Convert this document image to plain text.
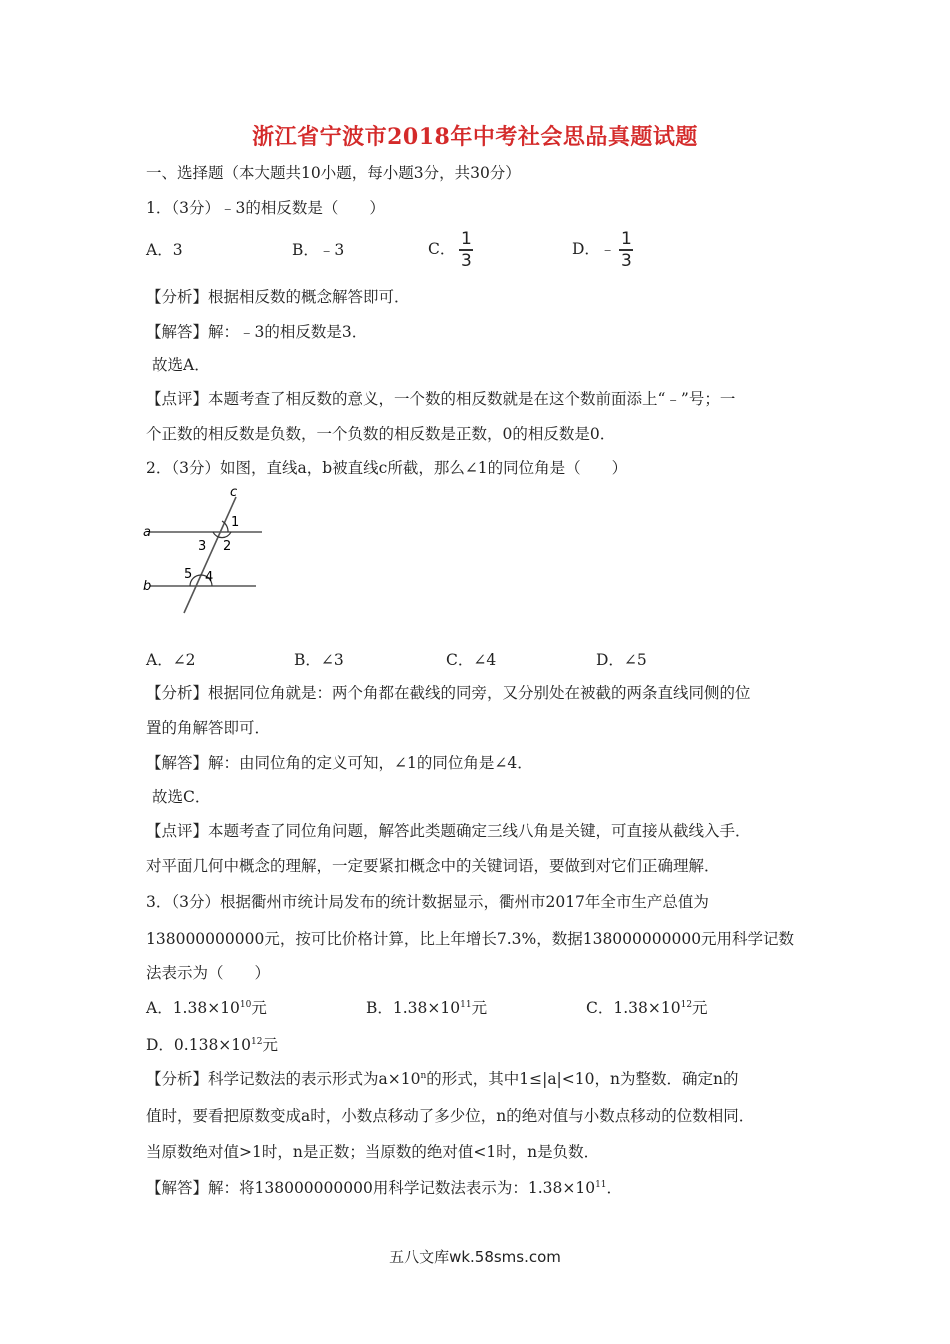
浙江省宁波市2018年中考社会思品真题试题
一、选择题（本大题共10小题，每小题3分，共30分）
1．（3分）﹣3的相反数是（　　）
A．3	B．﹣3	C． $\frac{1}{3}$	D．﹣ $\frac{1}{3}$
【分析】根据相反数的概念解答即可．
【解答】解：﹣3的相反数是3．
故选A．
【点评】本题考查了相反数的意义，一个数的相反数就是在这个数前面添上“﹣”号；一
个正数的相反数是负数，一个负数的相反数是正数，0的相反数是0．
2．（3分）如图，直线a，b被直线c所截，那么∠1的同位角是（　　）
c
a
b
1
2
3
4
5
A．∠2	B．∠3	C．∠4	D．∠5
【分析】根据同位角就是：两个角都在截线的同旁，又分别处在被截的两条直线同侧的位
置的角解答即可．
【解答】解：由同位角的定义可知，∠1的同位角是∠4．
故选C．
【点评】本题考查了同位角问题，解答此类题确定三线八角是关键，可直接从截线入手．
对平面几何中概念的理解，一定要紧扣概念中的关键词语，要做到对它们正确理解．
3．（3分）根据衢州市统计局发布的统计数据显示，衢州市2017年全市生产总值为
138000000000元，按可比价格计算，比上年增长7.3%，数据138000000000元用科学记数
法表示为（　　）
A．$1.38\times 10^{10}$元	B．$1.38\times 10^{11}$元	C．$1.38\times 10^{12}$元
D．$0.138\times 10^{12}$元
【分析】科学记数法的表示形式为$a\times 10^n$的形式，其中1≤|a|<10，n为整数．确定n的
值时，要看把原数变成a时，小数点移动了多少位，n的绝对值与小数点移动的位数相同．
当原数绝对值>1时，n是正数；当原数的绝对值<1时，n是负数．
【解答】解：将138000000000用科学记数法表示为：$1.38\times 10^{11}$．
五八文库wk.58sms.com
